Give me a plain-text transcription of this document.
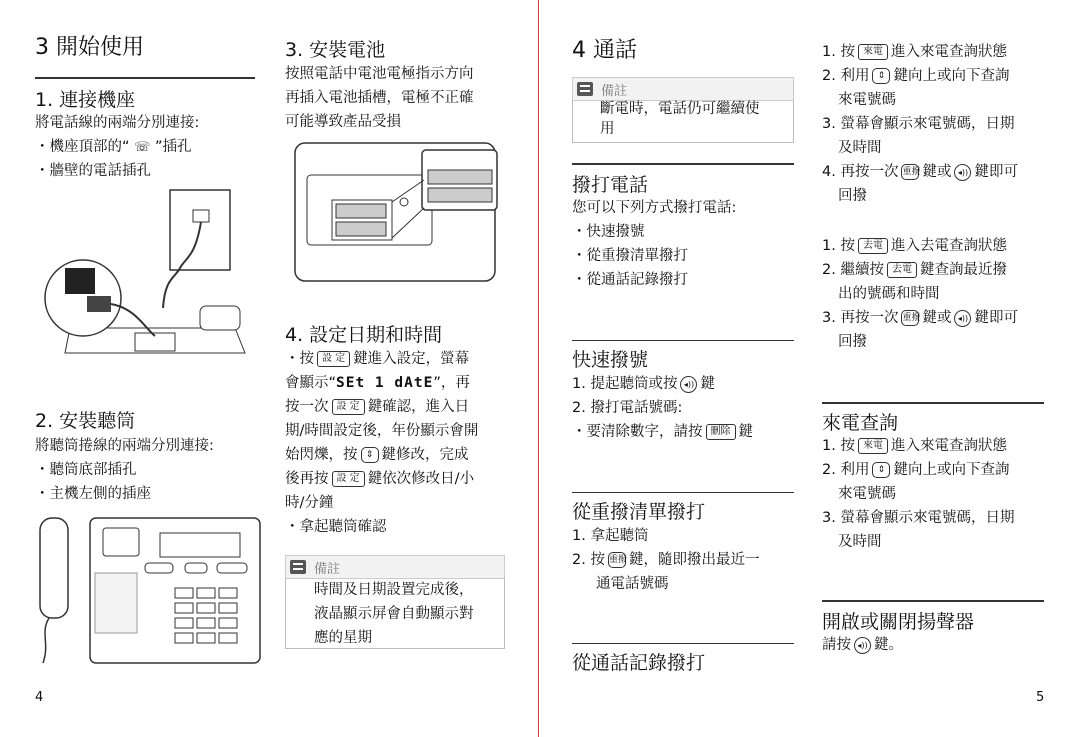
3 開始使用
1. 連接機座
將電話線的兩端分別連接:
・機座頂部的“ ☏ ”插孔
・牆壁的電話插孔
2. 安裝聽筒
將聽筒捲線的兩端分別連接:
・聽筒底部插孔
・主機左側的插座
4
3. 安裝電池
按照電話中電池電極指示方向
再插入電池插槽，電極不正確
可能導致產品受損
4. 設定日期和時間
・按 設 定 鍵進入設定，螢幕
會顯示“SEt 1 dAtE”，再
按一次 設 定 鍵確認，進入日
期/時間設定後，年份顯示會開
始閃爍，按 ⇕ 鍵修改，完成
後再按 設 定 鍵依次修改日/小
時/分鐘
・拿起聽筒確認
備註
時間及日期設置完成後，
液晶顯示屏會自動顯示對
應的星期
4 通話
備註
斷電時，電話仍可繼續使
用
撥打電話
您可以下列方式撥打電話:
・快速撥號
・從重撥清單撥打
・從通話記錄撥打
快速撥號
1. 提起聽筒或按 ◂)) 鍵
2. 撥打電話號碼:
・要清除數字，請按 刪除 鍵
從重撥清單撥打
1. 拿起聽筒
2. 按 重撥 鍵，隨即撥出最近一
通電話號碼
從通話記錄撥打
1. 按 來電 進入來電查詢狀態
2. 利用 ⇕ 鍵向上或向下查詢
來電號碼
3. 螢幕會顯示來電號碼，日期
及時間
4. 再按一次 重撥 鍵或 ◂)) 鍵即可
回撥
1. 按 去電 進入去電查詢狀態
2. 繼續按 去電 鍵查詢最近撥
出的號碼和時間
3. 再按一次 重撥 鍵或 ◂)) 鍵即可
回撥
來電查詢
1. 按 來電 進入來電查詢狀態
2. 利用 ⇕ 鍵向上或向下查詢
來電號碼
3. 螢幕會顯示來電號碼，日期
及時間
開啟或關閉揚聲器
請按 ◂)) 鍵。
5
